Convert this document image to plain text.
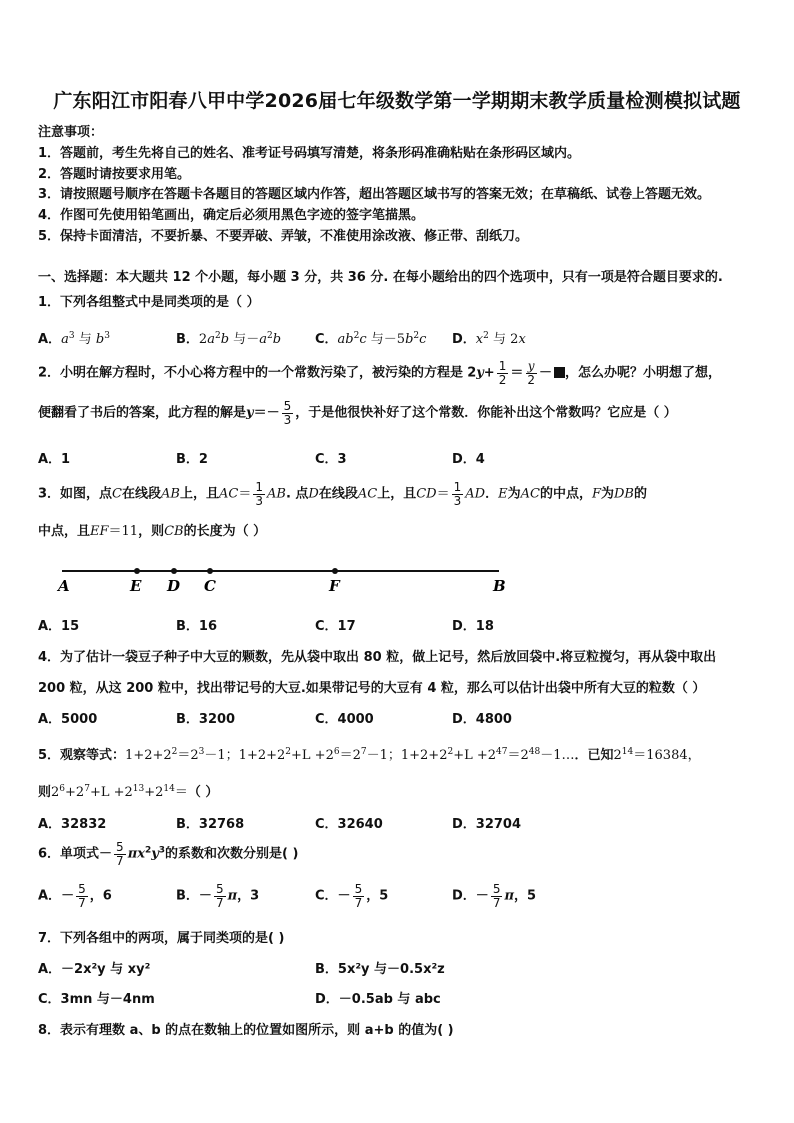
广东阳江市阳春八甲中学2026届七年级数学第一学期期末教学质量检测模拟试题
注意事项：
1．答题前，考生先将自己的姓名、准考证号码填写清楚，将条形码准确粘贴在条形码区域内。
2．答题时请按要求用笔。
3．请按照题号顺序在答题卡各题目的答题区域内作答，超出答题区域书写的答案无效；在草稿纸、试卷上答题无效。
4．作图可先使用铅笔画出，确定后必须用黑色字迹的签字笔描黑。
5．保持卡面清洁，不要折暴、不要弄破、弄皱，不准使用涂改液、修正带、刮纸刀。
一、选择题：本大题共 12 个小题，每小题 3 分，共 36 分. 在每小题给出的四个选项中，只有一项是符合题目要求的.
1．下列各组整式中是同类项的是（ ）
A．$a^3$ 与 $b^3$	B．$2a^2b$ 与$-a^2b$	C．$ab^2c$ 与$-5b^2c$ D．$x^2$ 与 2x
2．小明在解方程时，不小心将方程中的一个常数污染了，被污染的方程是 $2y+ \frac{1}{2} = \frac{y}{2}$ － ，怎么办呢？小明想了想，
便翻看了书后的答案，此方程的解是$y=- \frac{5}{3}$ ，于是他很快补好了这个常数．你能补出这个常数吗？它应是（ ）
A．1	B．2	C．3	D．4
3．如图，点C在线段AB上，且$AC= \frac{1}{3}$ AB. 点D在线段AC上，且$CD= \frac{1}{3}$ AD．E为AC的中点，F为DB的
中点，且EF＝11，则CB的长度为（ ）
A	E D C	F	B
A．15	B．16	C．17	D．18
4．为了估计一袋豆子种子中大豆的颗数，先从袋中取出 80 粒，做上记号，然后放回袋中.将豆粒搅匀，再从袋中取出
200 粒，从这 200 粒中，找出带记号的大豆.如果带记号的大豆有 4 粒，那么可以估计出袋中所有大豆的粒数（ ）
A．5000	B．3200	C．4000	D．4800
5．观察等式：$1+2+2^2=2^3-1$；$1+2+2^2+L +2^6=2^7-1$；$1+2+2^2+L$ $+2^{47}=2^{48}-1\dots$．已知$2^{14}=16384$，
则$2^6+2^7+L +2^{13}+2^{14}=$（ ）
A．32832	B．32768	C．32640	D．32704
6．单项式－ $\frac{5}{7} \pi x^2y^3$的系数和次数分别是( )
A．－ $\frac{5}{7}$ ，6	B．－ $\frac{5}{7}$ π，3	C．－ $\frac{5}{7}$ ，5	D．－ $\frac{5}{7}$ π，5
7．下列各组中的两项，属于同类项的是( )
A．－2x²y 与 xy²	B．5x²y 与－0.5x²z
C．3mn 与－4nm	D．－0.5ab 与 abc
8．表示有理数 a、b 的点在数轴上的位置如图所示，则 a+b 的值为( )
